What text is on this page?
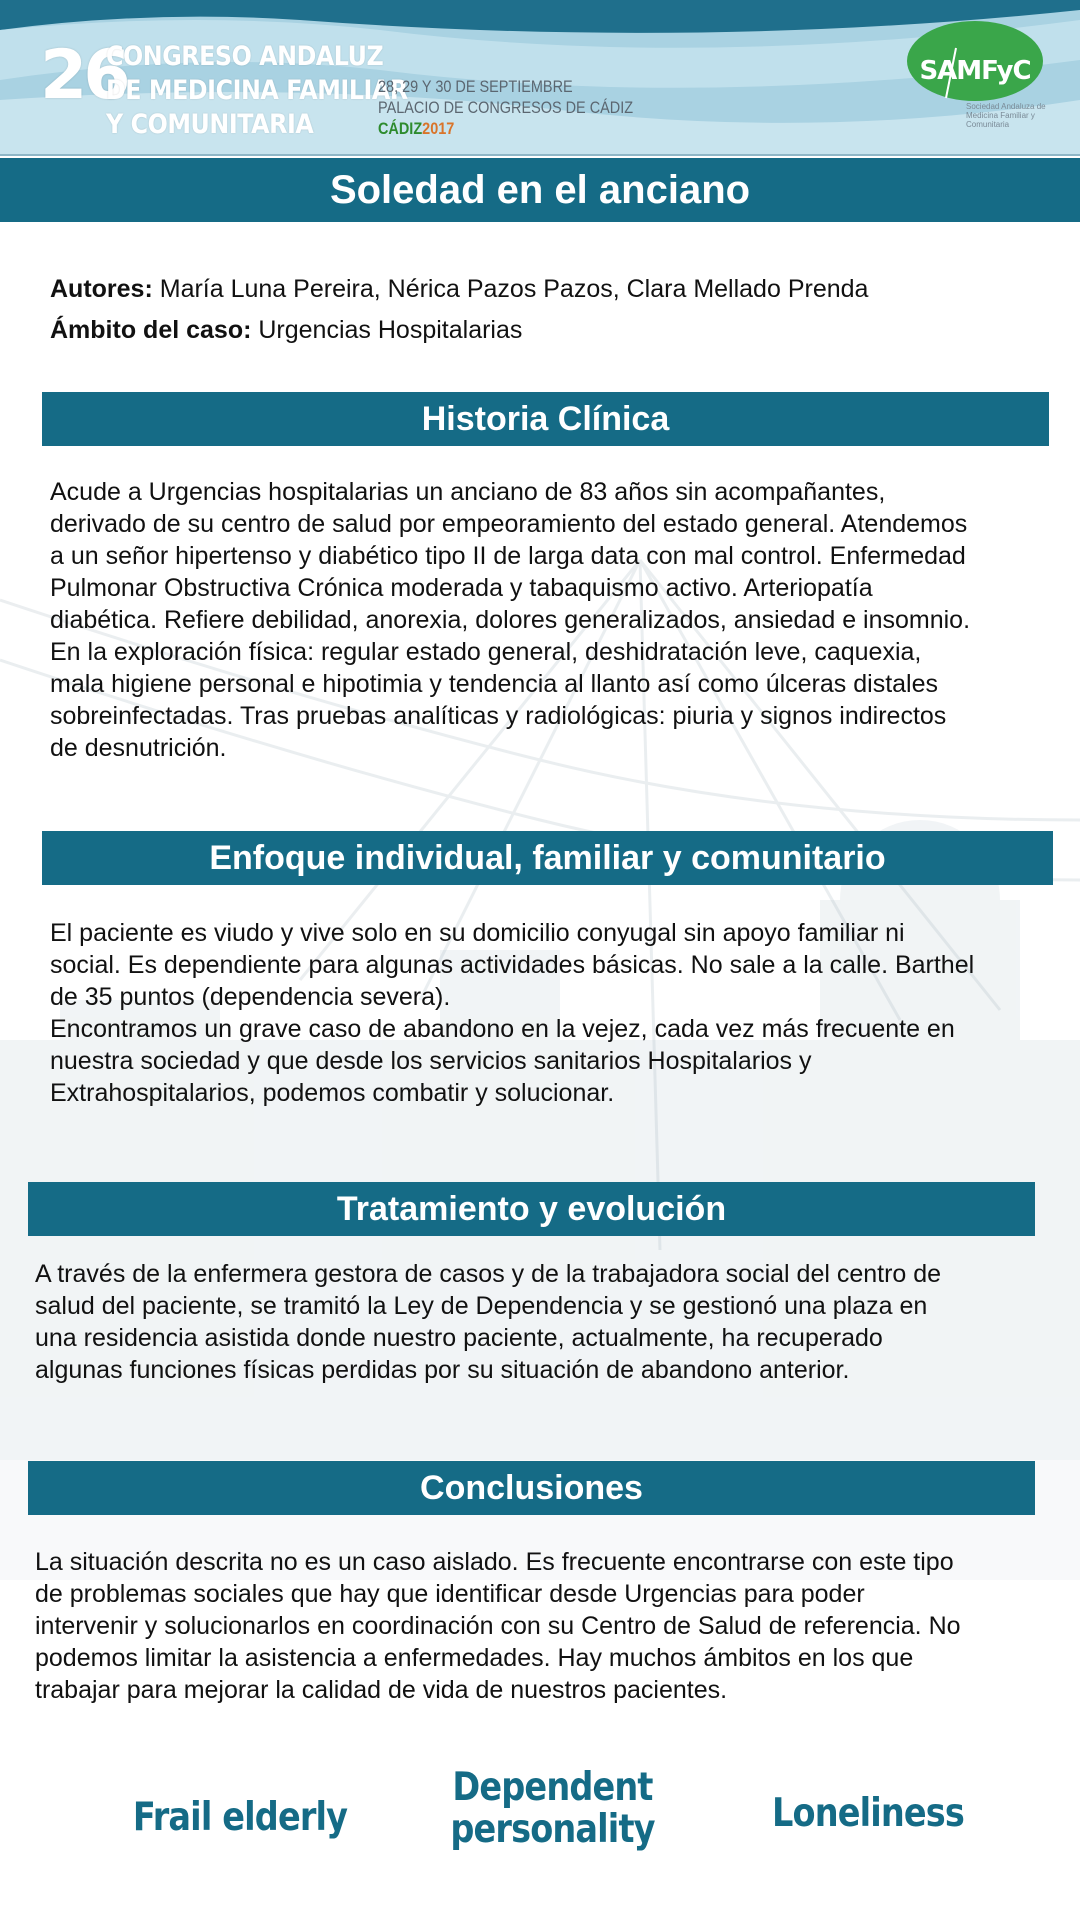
26
CONGRESO ANDALUZ
DE MEDICINA FAMILIAR
Y COMUNITARIA
28, 29 Y 30 DE SEPTIEMBRE
PALACIO DE CONGRESOS DE CÁDIZ
CÁDIZ2017
SAMFyC
Sociedad Andaluza de Medicina Familiar y Comunitaria
Soledad en el anciano
Autores: María Luna Pereira, Nérica Pazos Pazos, Clara Mellado Prenda
Ámbito del caso: Urgencias Hospitalarias
Historia Clínica
Acude a Urgencias hospitalarias un anciano de 83 años sin acompañantes,
derivado de su centro de salud por empeoramiento del estado general. Atendemos
a un señor hipertenso y diabético tipo II de larga data con mal control. Enfermedad
Pulmonar Obstructiva Crónica moderada y tabaquismo activo. Arteriopatía
diabética. Refiere debilidad, anorexia, dolores generalizados, ansiedad e insomnio.
En la exploración física: regular estado general, deshidratación leve, caquexia,
mala higiene personal e hipotimia y tendencia al llanto así como úlceras distales
sobreinfectadas. Tras pruebas analíticas y radiológicas: piuria y signos indirectos
de desnutrición.
Enfoque individual, familiar y comunitario
El paciente es viudo y vive solo en su domicilio conyugal sin apoyo familiar ni
social. Es dependiente para algunas actividades básicas. No sale a la calle. Barthel
de 35 puntos (dependencia severa).
Encontramos un grave caso de abandono en la vejez, cada vez más frecuente en
nuestra sociedad y que desde los servicios sanitarios Hospitalarios y
Extrahospitalarios, podemos combatir y solucionar.
Tratamiento y evolución
A través de la enfermera gestora de casos y de la trabajadora social del centro de
salud del paciente, se tramitó la Ley de Dependencia y se gestionó una plaza en
una residencia asistida donde nuestro paciente, actualmente, ha recuperado
algunas funciones físicas perdidas por su situación de abandono anterior.
Conclusiones
La situación descrita no es un caso aislado. Es frecuente encontrarse con este tipo
de problemas sociales que hay que identificar desde Urgencias para poder
intervenir y solucionarlos en coordinación con su Centro de Salud de referencia. No
podemos limitar la asistencia a enfermedades. Hay muchos ámbitos en los que
trabajar para mejorar la calidad de vida de nuestros pacientes.
Frail elderly
Dependent
personality	Loneliness
